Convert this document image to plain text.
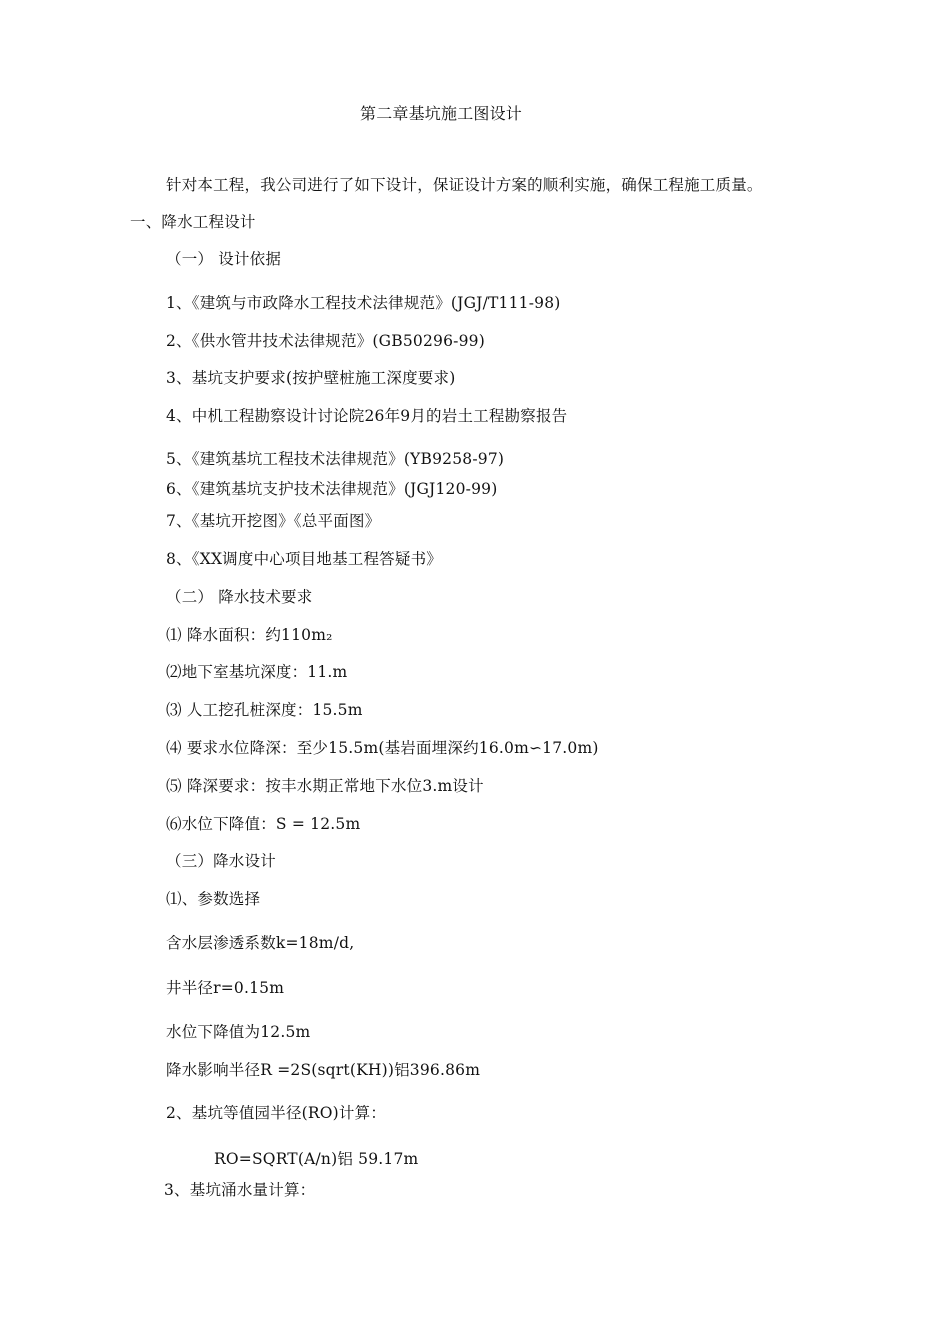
第二章基坑施工图设计
针对本工程，我公司进行了如下设计，保证设计方案的顺利实施，确保工程施工质量。
一、降水工程设计
（一） 设计依据
1、《建筑与市政降水工程技术法律规范》(JGJ/T111-98)
2、《供水管井技术法律规范》(GB50296-99)
3、基坑支护要求(按护壁桩施工深度要求)
4、中机工程勘察设计讨论院26年9月的岩土工程勘察报告
5、《建筑基坑工程技术法律规范》(YB9258-97)
6、《建筑基坑支护技术法律规范》(JGJ120-99)
7、《基坑开挖图》《总平面图》
8、《XX调度中心项目地基工程答疑书》
（二） 降水技术要求
⑴ 降水面积：约110m₂
⑵地下室基坑深度：11.m
⑶ 人工挖孔桩深度：15.5m
⑷ 要求水位降深：至少15.5m(基岩面埋深约16.0m∽17.0m)
⑸ 降深要求：按丰水期正常地下水位3.m设计
⑹水位下降值：S = 12.5m
（三）降水设计
⑴、参数选择
含水层渗透系数k=18m/d,
井半径r=0.15m
水位下降值为12.5m
降水影响半径R =2S(sqrt(KH))铝396.86m
2、基坑等值园半径(RO)计算：
RO=SQRT(A/n)铝 59.17m
3、基坑涌水量计算：
